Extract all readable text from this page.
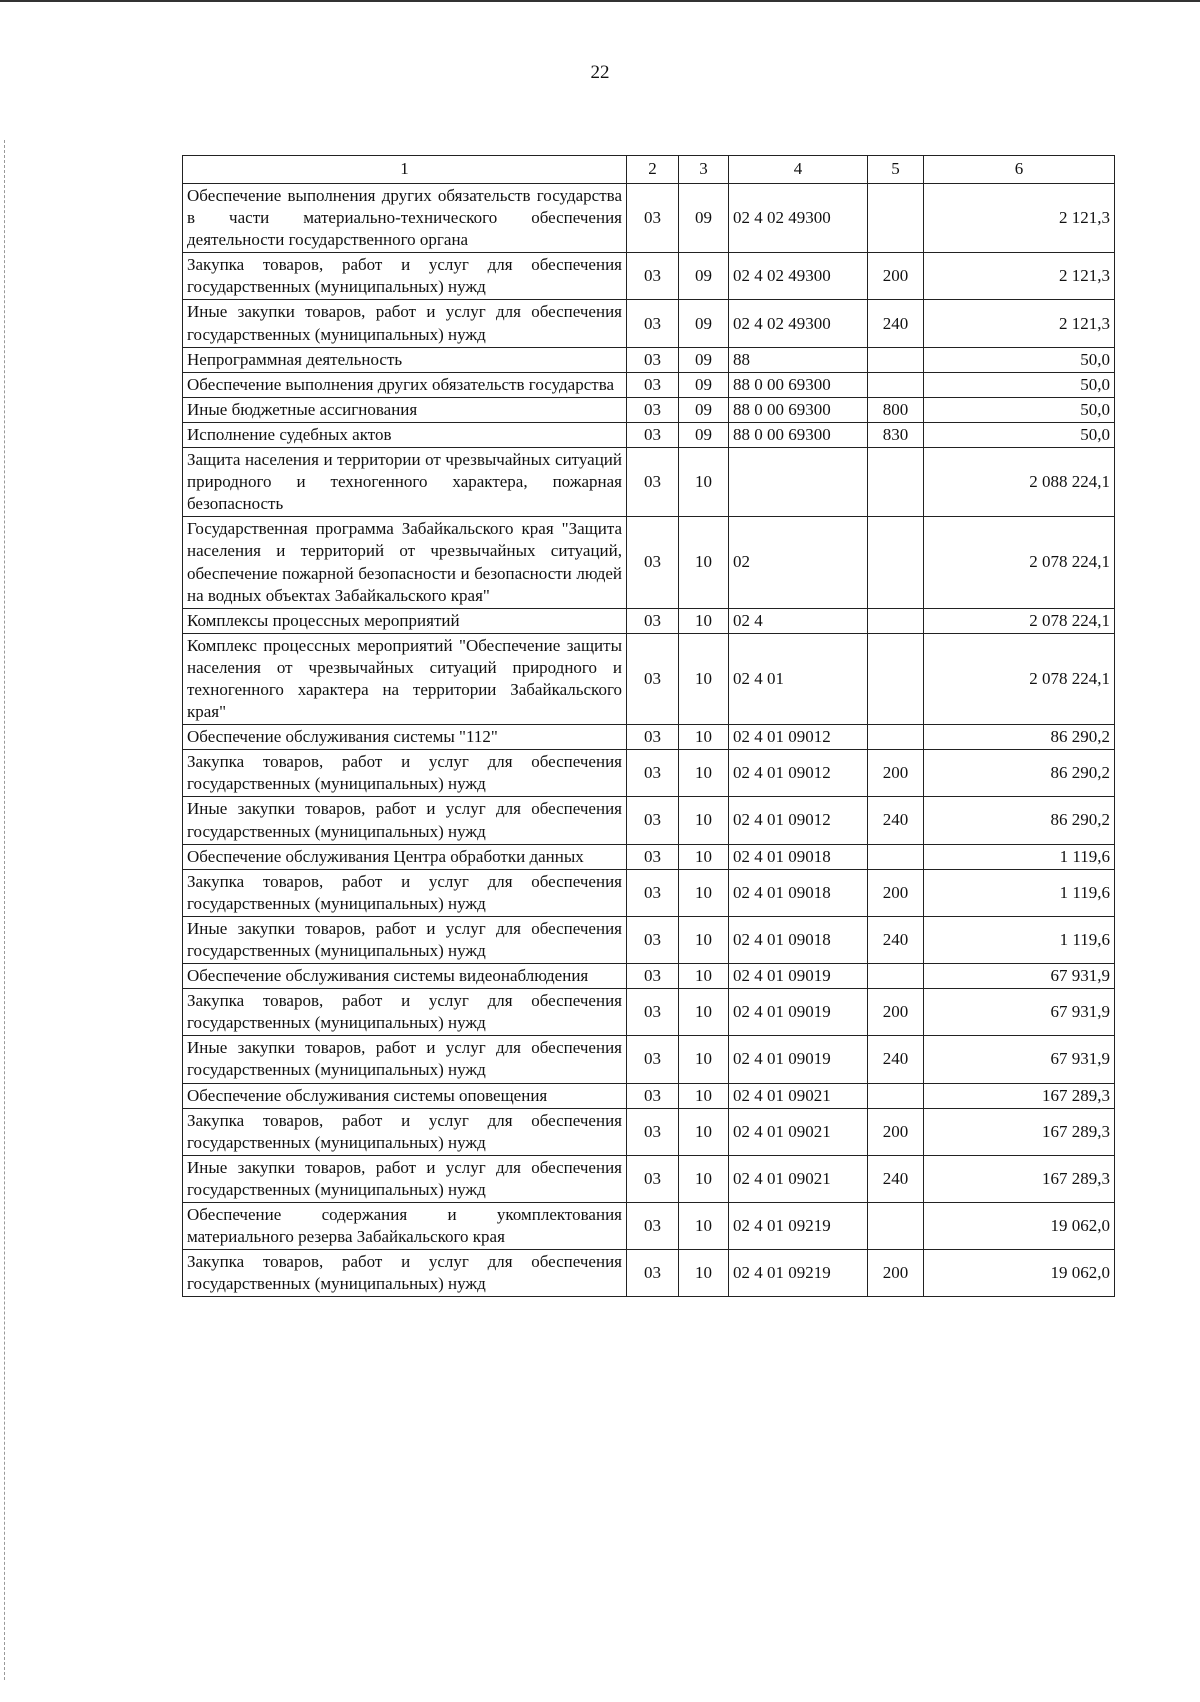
22
1	2	3	4	5	6
Обеспечение выполнения других обязательств государства в части материально-технического обеспечения деятельности государственного органа	03	09	02 4 02 49300		2 121,3
Закупка товаров, работ и услуг для обеспечения государственных (муниципальных) нужд	03	09	02 4 02 49300	200	2 121,3
Иные закупки товаров, работ и услуг для обеспечения государственных (муниципальных) нужд	03	09	02 4 02 49300	240	2 121,3
Непрограммная деятельность	03	09	88		50,0
Обеспечение выполнения других обязательств государства	03	09	88 0 00 69300		50,0
Иные бюджетные ассигнования	03	09	88 0 00 69300	800	50,0
Исполнение судебных актов	03	09	88 0 00 69300	830	50,0
Защита населения и территории от чрезвычайных ситуаций природного и техногенного характера, пожарная безопасность	03	10			2 088 224,1
Государственная программа Забайкальского края "Защита населения и территорий от чрезвычайных ситуаций, обеспечение пожарной безопасности и безопасности людей на водных объектах Забайкальского края"	03	10	02		2 078 224,1
Комплексы процессных мероприятий	03	10	02 4		2 078 224,1
Комплекс процессных мероприятий "Обеспечение защиты населения от чрезвычайных ситуаций природного и техногенного характера на территории Забайкальского края"	03	10	02 4 01		2 078 224,1
Обеспечение обслуживания системы "112"	03	10	02 4 01 09012		86 290,2
Закупка товаров, работ и услуг для обеспечения государственных (муниципальных) нужд	03	10	02 4 01 09012	200	86 290,2
Иные закупки товаров, работ и услуг для обеспечения государственных (муниципальных) нужд	03	10	02 4 01 09012	240	86 290,2
Обеспечение обслуживания Центра обработки данных	03	10	02 4 01 09018		1 119,6
Закупка товаров, работ и услуг для обеспечения государственных (муниципальных) нужд	03	10	02 4 01 09018	200	1 119,6
Иные закупки товаров, работ и услуг для обеспечения государственных (муниципальных) нужд	03	10	02 4 01 09018	240	1 119,6
Обеспечение обслуживания системы видеонаблюдения	03	10	02 4 01 09019		67 931,9
Закупка товаров, работ и услуг для обеспечения государственных (муниципальных) нужд	03	10	02 4 01 09019	200	67 931,9
Иные закупки товаров, работ и услуг для обеспечения государственных (муниципальных) нужд	03	10	02 4 01 09019	240	67 931,9
Обеспечение обслуживания системы оповещения	03	10	02 4 01 09021		167 289,3
Закупка товаров, работ и услуг для обеспечения государственных (муниципальных) нужд	03	10	02 4 01 09021	200	167 289,3
Иные закупки товаров, работ и услуг для обеспечения государственных (муниципальных) нужд	03	10	02 4 01 09021	240	167 289,3
Обеспечение содержания и укомплектования материального резерва Забайкальского края	03	10	02 4 01 09219		19 062,0
Закупка товаров, работ и услуг для обеспечения государственных (муниципальных) нужд	03	10	02 4 01 09219	200	19 062,0
